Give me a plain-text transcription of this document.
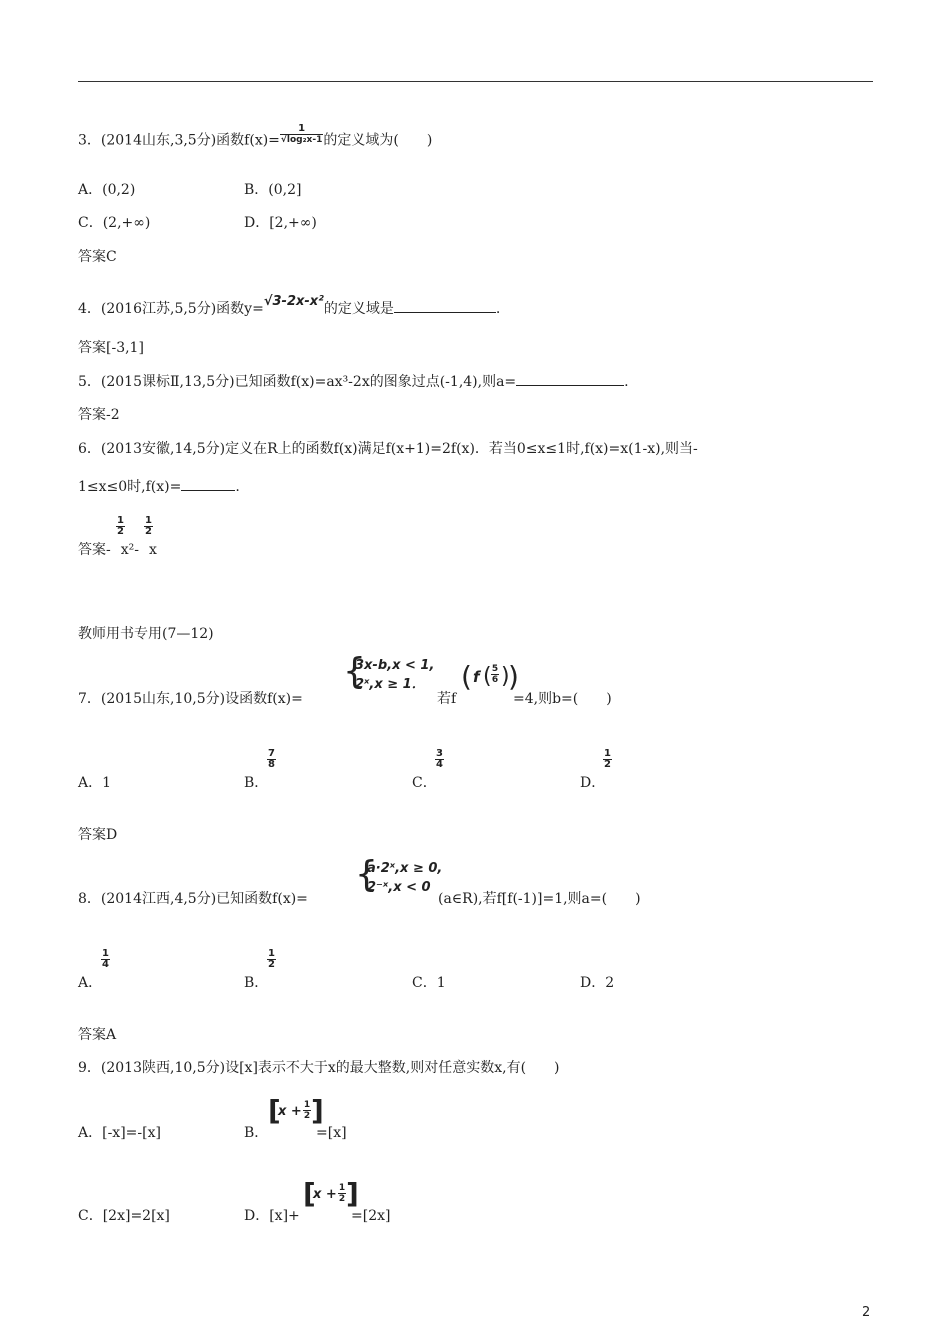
3．(2014山东,3,5分)函数$f(x)= \frac{1}{\text{√log₂x-1}}$ 的定义域为(　　)
A．(0,2)	B．(0,2]
C．(2,+∞)	D．[2,+∞)
答案C
4．(2016江苏,5,5分)函数y=√3-2x-x²的定义域是	.
答案[-3,1]
5．(2015课标Ⅱ,13,5分)已知函数f(x)=ax³-2x的图象过点(-1,4),则a=	.
答案-2
6．(2013安徽,14,5分)定义在R上的函数f(x)满足f(x+1)=2f(x)．若当0≤x≤1时,f(x)=x(1-x),则当-
1≤x≤0时,f(x)=	.
答案- x²- x
1
2
1
2
教师用书专用(7—12)
7．(2015山东,10,5分)设函数f(x)=
{
3x-b,x < 1,
2ˣ,x ≥ 1．
若f
( f ( 5
6 )
)
=4,则b=(　　)
A．1	B．
7
8
C．
3
4
D．
1
2
答案D
8．(2014江西,4,5分)已知函数f(x)=
{
a·2ˣ,x ≥ 0,
2⁻ˣ,x < 0
(a∈R),若f[f(-1)]=1,则a=(　　)
A．
1
4
B．
1
2
C．1	D．2
答案A
9．(2013陕西,10,5分)设[x]表示不大于x的最大整数,则对任意实数x,有(　　)
A．[-x]=-[x]	B．
[
x + 1
2 ]
=[x]
C．[2x]=2[x]	D．[x]+
[
x + 1
2 ]
=[2x]
2
